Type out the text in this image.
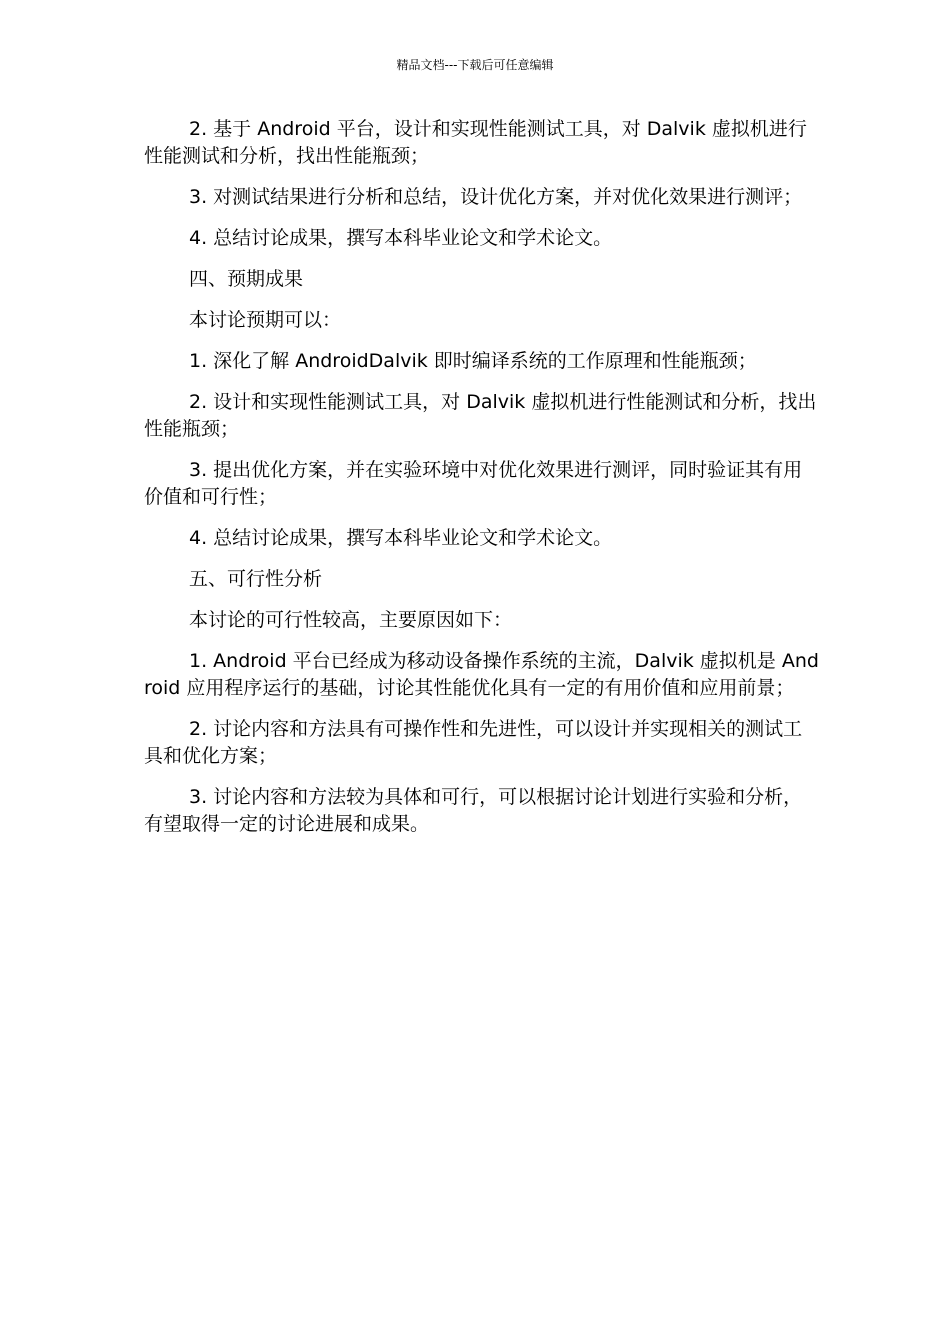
精品文档---下载后可任意编辑

2. 基于 Android 平台，设计和实现性能测试工具，对 Dalvik 虚拟机进行性能测试和分析，找出性能瓶颈；

3. 对测试结果进行分析和总结，设计优化方案，并对优化效果进行测评；

4. 总结讨论成果，撰写本科毕业论文和学术论文。

四、预期成果

本讨论预期可以：

1. 深化了解 AndroidDalvik 即时编译系统的工作原理和性能瓶颈；

2. 设计和实现性能测试工具，对 Dalvik 虚拟机进行性能测试和分析，找出性能瓶颈；

3. 提出优化方案，并在实验环境中对优化效果进行测评，同时验证其有用价值和可行性；

4. 总结讨论成果，撰写本科毕业论文和学术论文。

五、可行性分析

本讨论的可行性较高，主要原因如下：

1. Android 平台已经成为移动设备操作系统的主流，Dalvik 虚拟机是 Android 应用程序运行的基础，讨论其性能优化具有一定的有用价值和应用前景；

2. 讨论内容和方法具有可操作性和先进性，可以设计并实现相关的测试工具和优化方案；

3. 讨论内容和方法较为具体和可行，可以根据讨论计划进行实验和分析，有望取得一定的讨论进展和成果。
